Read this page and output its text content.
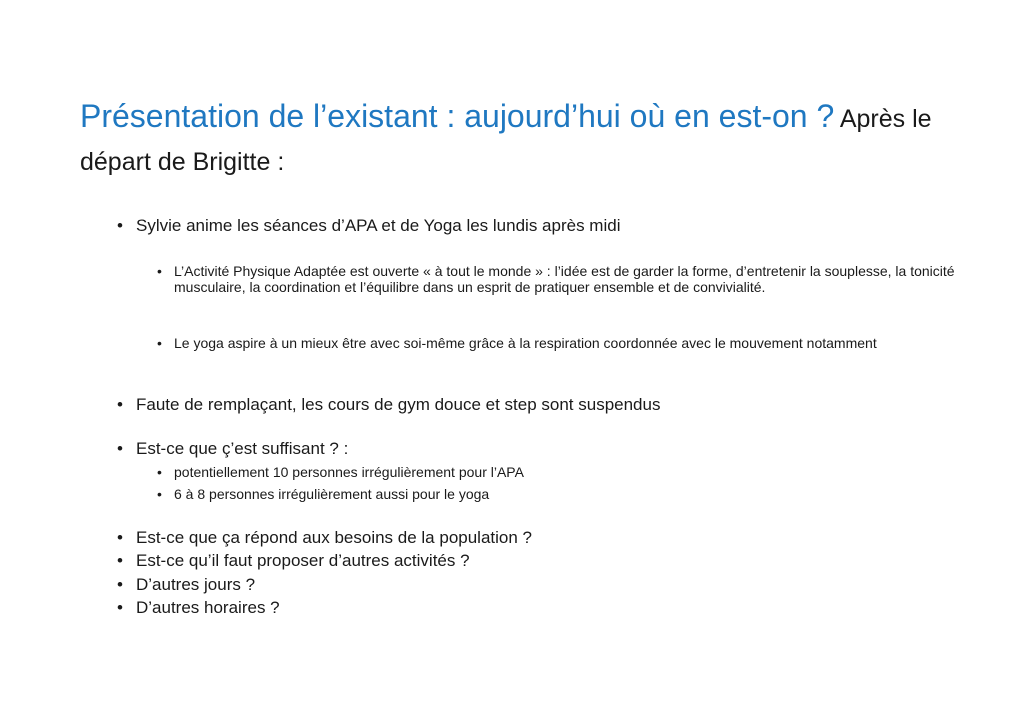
Présentation de l’existant : aujourd’hui où en est-on ? Après le départ de Brigitte :
• Sylvie anime les séances d’APA et de Yoga les lundis après midi
• L’Activité Physique Adaptée est ouverte « à tout le monde » : l’idée est de garder la forme, d’entretenir la souplesse, la tonicité musculaire, la coordination et l’équilibre dans un esprit de pratiquer ensemble et de convivialité.
• Le yoga aspire à un mieux être avec soi-même grâce à la respiration coordonnée avec le mouvement notamment
• Faute de remplaçant, les cours de gym douce et step sont suspendus
• Est-ce que ç’est suffisant ? :
• potentiellement 10 personnes irrégulièrement pour l’APA
• 6 à 8 personnes irrégulièrement aussi pour le yoga
• Est-ce que ça répond aux besoins de la population ?
• Est-ce qu’il faut proposer d’autres activités ?
• D’autres jours ?
• D’autres horaires ?
